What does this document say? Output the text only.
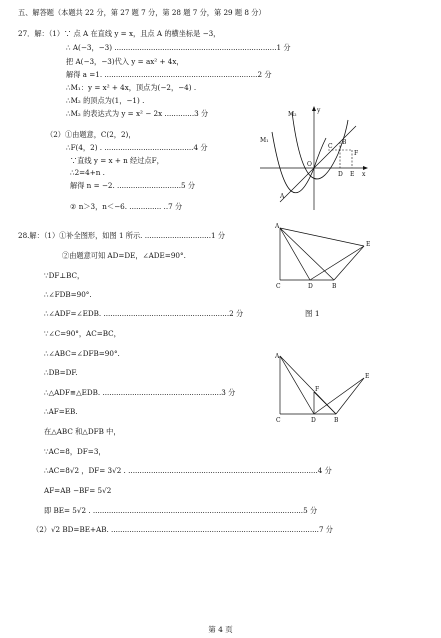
五、解答题（本题共 22 分，第 27 题 7 分，第 28 题 7 分，第 29 题 8 分）
27．解：（1）∵ 点 A 在直线 y = x，且点 A 的横坐标是 −3，
∴ A(−3，−3) .......................................................................1 分
把 A(−3，−3)代入 y = ax² + 4x，
解得 a =1. ...................................................................2 分
∴M₁：y = x² + 4x，顶点为(−2，−4) .
∴M₂ 的顶点为(1，−1) .
∴M₂ 的表达式为 y = x² − 2x .............3 分
（2）①由题意，C(2，2)，
∴F(4，2) . .......................................4 分
∵直线 y = x + n 经过点F，
∴2=4+n .
解得 n = −2. ............................5 分
② n＞3，n＜−6. .............. ..7 分
M₂
M₁
y
x
O
C
B
F
D E
A
28.解：（1）①补全图形，如图 1 所示. .............................1 分
②由题意可知 AD=DE，∠ADE=90°.
∵DF⊥BC，
∴∠FDB=90°.
∴∠ADF=∠EDB. .......................................................2 分
∵∠C=90°，AC=BC，
∴∠ABC=∠DFB=90°.
∴DB=DF.
∴△ADF≌△EDB. ....................................................3 分
∴AF=EB.
在△ABC 和△DFB 中，
∵AC=8，DF=3，
∴AC=8√2 ，DF= 3√2 . ...................................................................................4 分
AF=AB −BF= 5√2
即 BE= 5√2 . ............................................................................................5 分
（2）√2 BD=BE+AB. ...........................................................................................7 分
A
E
C	D	B
图 1
A
E
F
C	D	B
第 4 页
